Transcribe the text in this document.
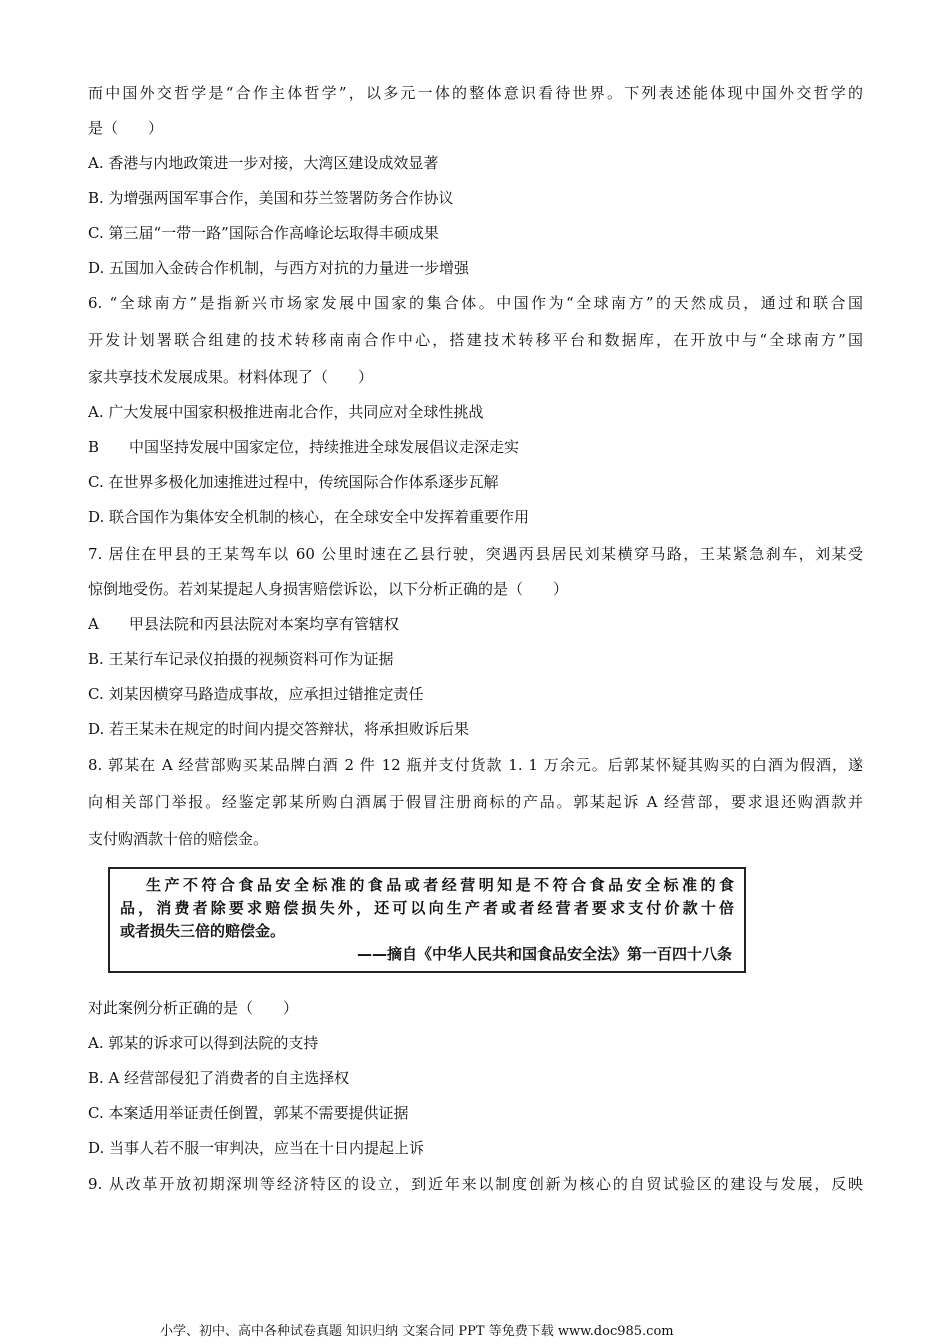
而中国外交哲学是“合作主体哲学”，以多元一体的整体意识看待世界。下列表述能体现中国外交哲学的
是（　　）
A. 香港与内地政策进一步对接，大湾区建设成效显著
B. 为增强两国军事合作，美国和芬兰签署防务合作协议
C. 第三届“一带一路”国际合作高峰论坛取得丰硕成果
D. 五国加入金砖合作机制，与西方对抗的力量进一步增强
6. “全球南方”是指新兴市场家发展中国家的集合体。中国作为“全球南方”的天然成员，通过和联合国
开发计划署联合组建的技术转移南南合作中心，搭建技术转移平台和数据库，在开放中与“全球南方”国
家共享技术发展成果。材料体现了（　　）
A. 广大发展中国家积极推进南北合作，共同应对全球性挑战
B　　中国坚持发展中国家定位，持续推进全球发展倡议走深走实
C. 在世界多极化加速推进过程中，传统国际合作体系逐步瓦解
D. 联合国作为集体安全机制的核心，在全球安全中发挥着重要作用
7. 居住在甲县的王某驾车以 60 公里时速在乙县行驶，突遇丙县居民刘某横穿马路，王某紧急刹车，刘某受
惊倒地受伤。若刘某提起人身损害赔偿诉讼，以下分析正确的是（　　）
A　　甲县法院和丙县法院对本案均享有管辖权
B. 王某行车记录仪拍摄的视频资料可作为证据
C. 刘某因横穿马路造成事故，应承担过错推定责任
D. 若王某未在规定的时间内提交答辩状，将承担败诉后果
8. 郭某在 A 经营部购买某品牌白酒 2 件 12 瓶并支付货款 1. 1 万余元。后郭某怀疑其购买的白酒为假酒，遂
向相关部门举报。经鉴定郭某所购白酒属于假冒注册商标的产品。郭某起诉 A 经营部，要求退还购酒款并
支付购酒款十倍的赔偿金。
生产不符合食品安全标准的食品或者经营明知是不符合食品安全标准的食
品，消费者除要求赔偿损失外，还可以向生产者或者经营者要求支付价款十倍
或者损失三倍的赔偿金。
——摘自《中华人民共和国食品安全法》第一百四十八条
对此案例分析正确的是（　　）
A. 郭某的诉求可以得到法院的支持
B. A 经营部侵犯了消费者的自主选择权
C. 本案适用举证责任倒置，郭某不需要提供证据
D. 当事人若不服一审判决，应当在十日内提起上诉
9. 从改革开放初期深圳等经济特区的设立，到近年来以制度创新为核心的自贸试验区的建设与发展，反映
小学、初中、高中各种试卷真题 知识归纳 文案合同 PPT 等免费下载 www.doc985.com
